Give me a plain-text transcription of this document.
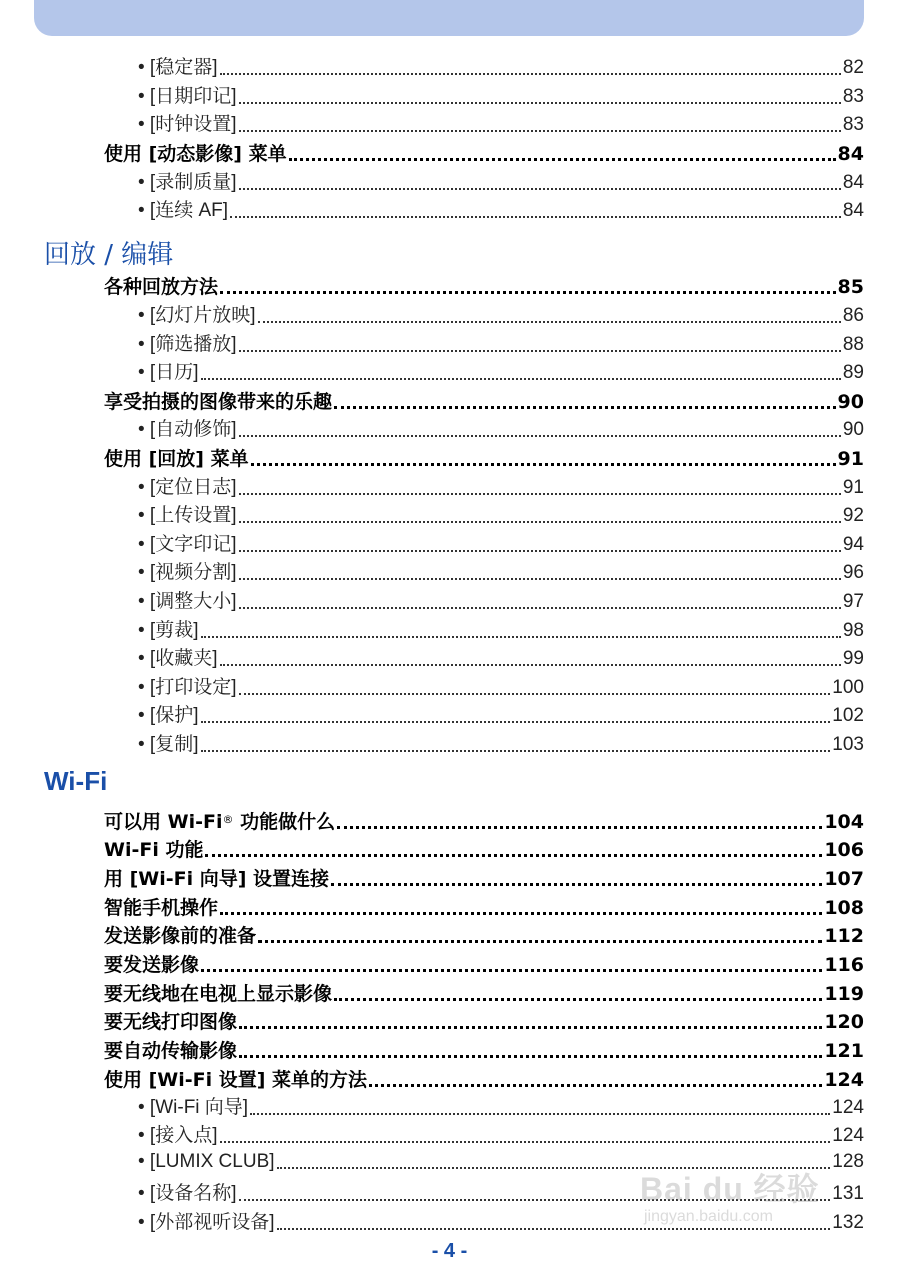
• [稳定器]	82
• [日期印记]	83
• [时钟设置]	83
使用 [动态影像] 菜单	84
• [录制质量]	84
• [连续 AF]	84
回放 / 编辑
各种回放方法	85
• [幻灯片放映]	86
• [筛选播放]	88
• [日历]	89
享受拍摄的图像带来的乐趣	90
• [自动修饰]	90
使用 [回放] 菜单	91
• [定位日志]	91
• [上传设置]	92
• [文字印记]	94
• [视频分割]	96
• [调整大小]	97
• [剪裁]	98
• [收藏夹]	99
• [打印设定]	100
• [保护]	102
• [复制]	103
Wi-Fi
可以用 Wi-Fi® 功能做什么	104
Wi-Fi 功能	106
用 [Wi-Fi 向导] 设置连接	107
智能手机操作	108
发送影像前的准备	112
要发送影像	116
要无线地在电视上显示影像	119
要无线打印图像	120
要自动传输影像	121
使用 [Wi-Fi 设置] 菜单的方法	124
• [Wi-Fi 向导]	124
• [接入点]	124
• [LUMIX CLUB]	128
• [设备名称]	131
• [外部视听设备]	132
Bai du 经验
jingyan.baidu.com
- 4 -
